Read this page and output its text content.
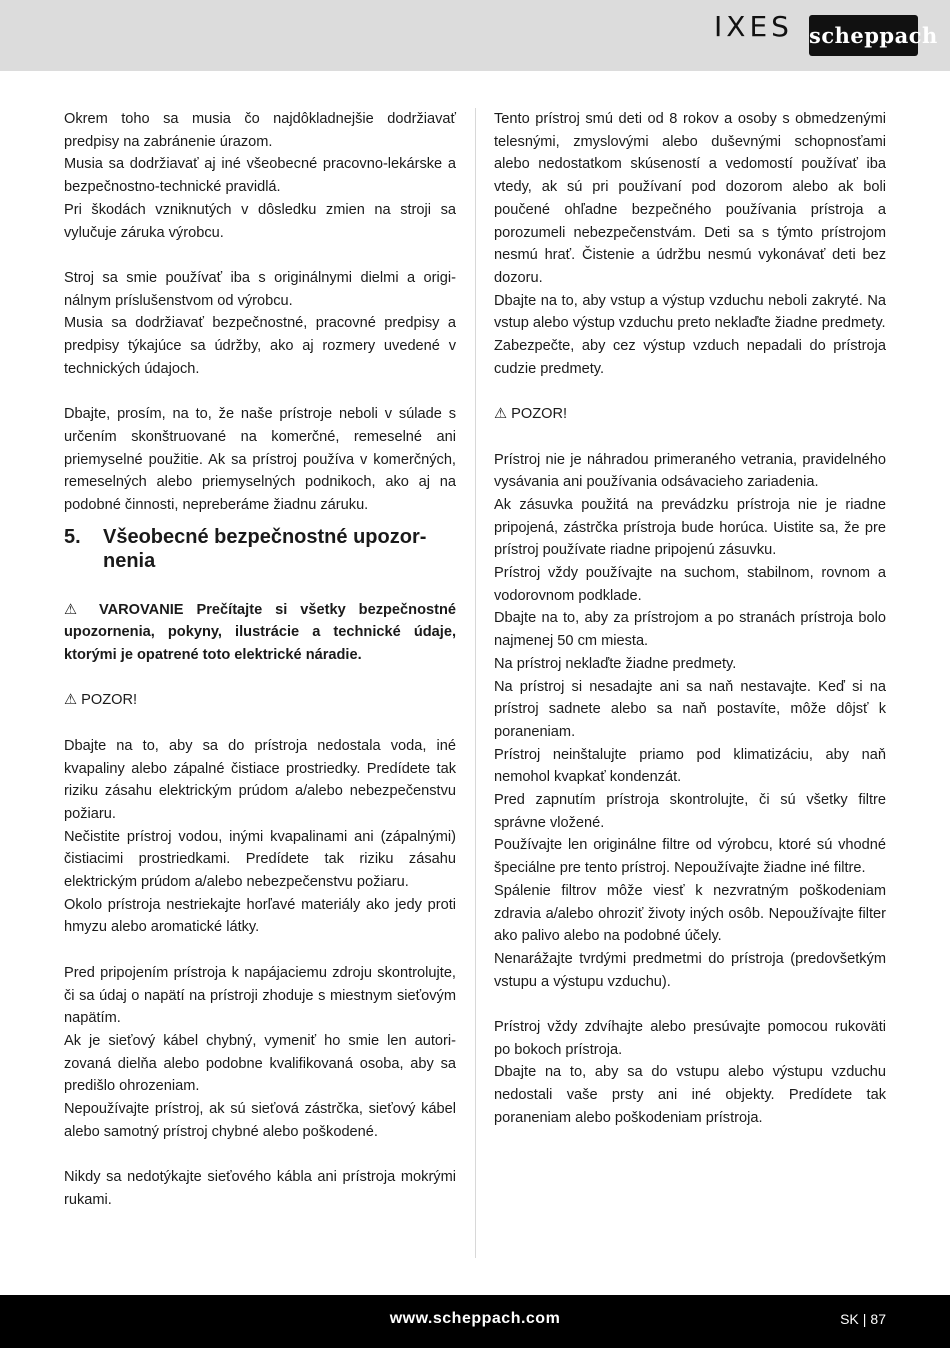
IXES scheppach

Okrem toho sa musia čo najdôkladnejšie dodržiavať predpisy na zabránenie úrazom.

Musia sa dodržiavať aj iné všeobecné pracovno-lekárske a bezpečnostno-technické pravidlá.

Pri škodách vzniknutých v dôsledku zmien na stroji sa vylučuje záruka výrobcu.

Stroj sa smie používať iba s originálnymi dielmi a originálnym príslušenstvom od výrobcu.

Musia sa dodržiavať bezpečnostné, pracovné predpisy a predpisy týkajúce sa údržby, ako aj rozmery uvedené v technických údajoch.

Dbajte, prosím, na to, že naše prístroje neboli v súlade s určením skonštruované na komerčné, remeselné ani priemyselné použitie. Ak sa prístroj používa v komerčných, remeselných alebo priemyselných podnikoch, ako aj na podobné činnosti, nepreberáme žiadnu záruku.

5.	Všeobecné bezpečnostné upozornenia

⚠ VAROVANIE Prečítajte si všetky bezpečnostné upozornenia, pokyny, ilustrácie a technické údaje, ktorými je opatrené toto elektrické náradie.

⚠ POZOR!

Dbajte na to, aby sa do prístroja nedostala voda, iné kvapaliny alebo zápalné čistiace prostriedky. Predídete tak riziku zásahu elektrickým prúdom a/alebo nebezpečenstvu požiaru.

Nečistite prístroj vodou, inými kvapalinami ani (zápalnými) čistiacimi prostriedkami. Predídete tak riziku zásahu elektrickým prúdom a/alebo nebezpečenstvu požiaru.

Okolo prístroja nestriekajte horľavé materiály ako jedy proti hmyzu alebo aromatické látky.

Pred pripojením prístroja k napájaciemu zdroju skontrolujte, či sa údaj o napätí na prístroji zhoduje s miestnym sieťovým napätím.

Ak je sieťový kábel chybný, vymeniť ho smie len autorizovaná dielňa alebo podobne kvalifikovaná osoba, aby sa predišlo ohrozeniam.

Nepoužívajte prístroj, ak sú sieťová zástrčka, sieťový kábel alebo samotný prístroj chybné alebo poškodené.

Nikdy sa nedotýkajte sieťového kábla ani prístroja mokrými rukami.

Tento prístroj smú deti od 8 rokov a osoby s obmedzenými telesnými, zmyslovými alebo duševnými schopnosťami alebo nedostatkom skúseností a vedomostí používať iba vtedy, ak sú pri používaní pod dozorom alebo ak boli poučené ohľadne bezpečného používania prístroja a porozumeli nebezpečenstvám. Deti sa s týmto prístrojom nesmú hrať. Čistenie a údržbu nesmú vykonávať deti bez dozoru.

Dbajte na to, aby vstup a výstup vzduchu neboli zakryté. Na vstup alebo výstup vzduchu preto neklaďte žiadne predmety.

Zabezpečte, aby cez výstup vzduch nepadali do prístroja cudzie predmety.

⚠ POZOR!

Prístroj nie je náhradou primeraného vetrania, pravidelného vysávania ani používania odsávacieho zariadenia.

Ak zásuvka použitá na prevádzku prístroja nie je riadne pripojená, zástrčka prístroja bude horúca. Uistite sa, že pre prístroj používate riadne pripojenú zásuvku.

Prístroj vždy používajte na suchom, stabilnom, rovnom a vodorovnom podklade.

Dbajte na to, aby za prístrojom a po stranách prístroja bolo najmenej 50 cm miesta.

Na prístroj neklaďte žiadne predmety.

Na prístroj si nesadajte ani sa naň nestavajte. Keď si na prístroj sadnete alebo sa naň postavíte, môže dôjsť k poraneniam.

Prístroj neinštalujte priamo pod klimatizáciu, aby naň nemohol kvapkať kondenzát.

Pred zapnutím prístroja skontrolujte, či sú všetky filtre správne vložené.

Používajte len originálne filtre od výrobcu, ktoré sú vhodné špeciálne pre tento prístroj. Nepoužívajte žiadne iné filtre.

Spálenie filtrov môže viesť k nezvratným poškodeniam zdravia a/alebo ohroziť životy iných osôb. Nepoužívajte filter ako palivo alebo na podobné účely.

Nenarážajte tvrdými predmetmi do prístroja (predovšetkým vstupu a výstupu vzduchu).

Prístroj vždy zdvíhajte alebo presúvajte pomocou rukoväti po bokoch prístroja.

Dbajte na to, aby sa do vstupu alebo výstupu vzduchu nedostali vaše prsty ani iné objekty. Predídete tak poraneniam alebo poškodeniam prístroja.

www.scheppach.com	SK | 87
